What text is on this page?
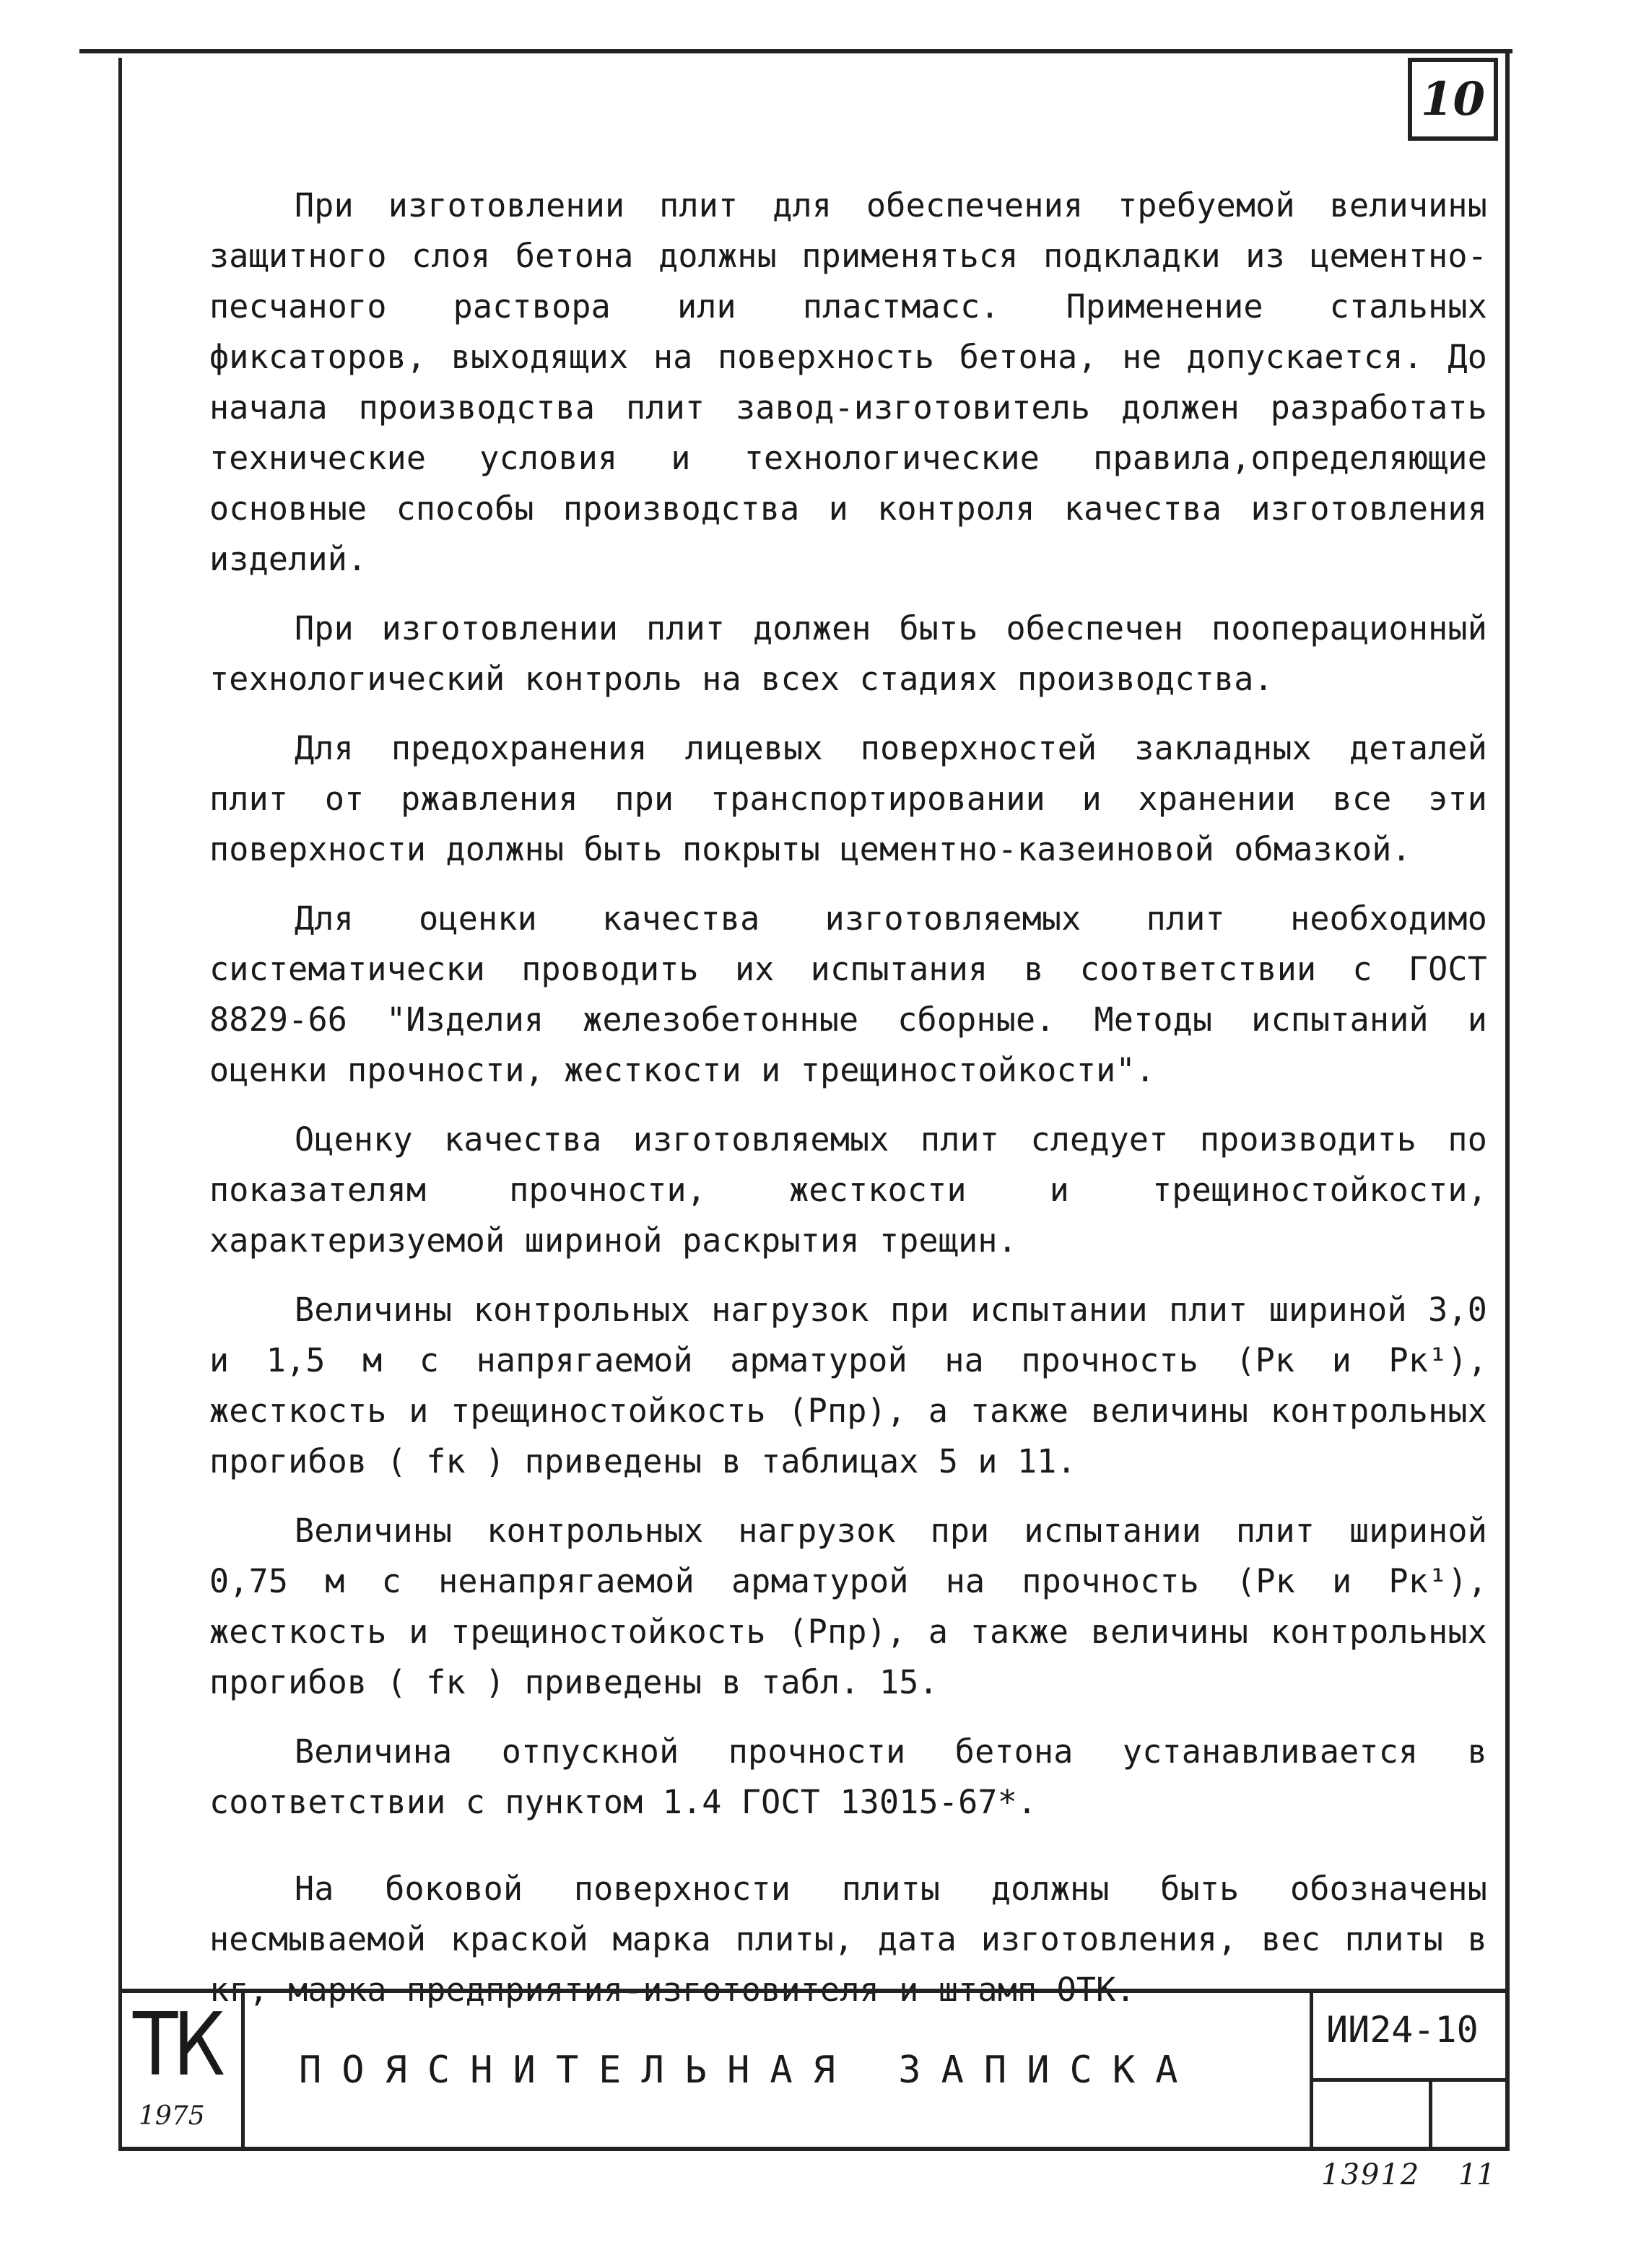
10

При изготовлении плит для обеспечения требуемой величины защитного слоя бетона должны применяться подкладки из цементно-песчаного раствора или пластмасс. Применение стальных фиксаторов, выходящих на поверхность бетона, не допускается. До начала производства плит завод-изготовитель должен разработать технические условия и технологические правила,определяющие основные способы производства и контроля качества изготовления изделий.

При изготовлении плит должен быть обеспечен пооперационный технологический контроль на всех стадиях производства.

Для предохранения лицевых поверхностей закладных деталей плит от ржавления при транспортировании и хранении все эти поверхности должны быть покрыты цементно-казеиновой обмазкой.

Для оценки качества изготовляемых плит необходимо систематически проводить их испытания в соответствии с ГОСТ 8829-66 "Изделия железобетонные сборные. Методы испытаний и оценки прочности, жесткости и трещиностойкости".

Оценку качества изготовляемых плит следует производить по показателям прочности, жесткости и трещиностойкости, характеризуемой шириной раскрытия трещин.

Величины контрольных нагрузок при испытании плит шириной 3,0 и 1,5 м с напрягаемой арматурой на прочность (Рк и Рк¹), жесткость и трещиностойкость (Рпр), а также величины контрольных прогибов ( fк ) приведены в таблицах 5 и 11.

Величины контрольных нагрузок при испытании плит шириной 0,75 м с ненапрягаемой арматурой на прочность (Рк и Рк¹), жесткость и трещиностойкость (Рпр), а также величины контрольных прогибов ( fк ) приведены в табл. 15.

Величина отпускной прочности бетона устанавливается в соответствии с пунктом 1.4 ГОСТ 13015-67*.

На боковой поверхности плиты должны быть обозначены несмываемой краской марка плиты, дата изготовления, вес плиты в кг, марка предприятия-изготовителя и штамп ОТК.

ТК
1975
ПОЯСНИТЕЛЬНАЯ ЗАПИСКА
ИИ24-10
13912 11
